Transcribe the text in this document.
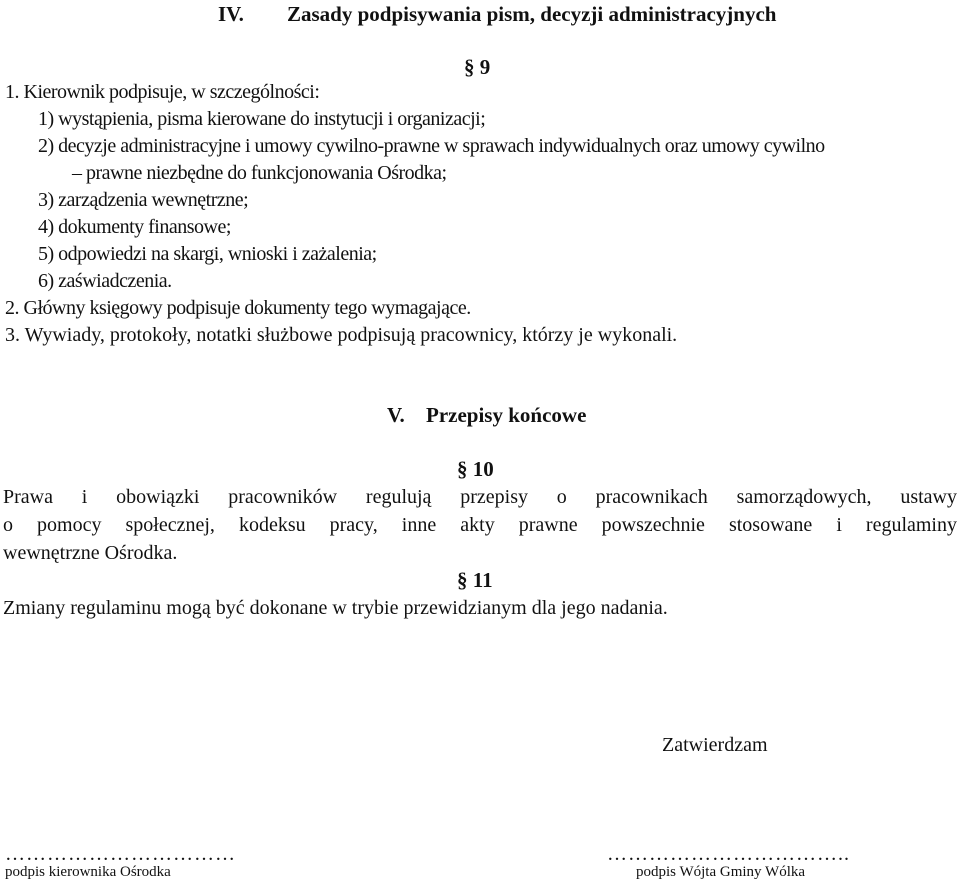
IV. Zasady podpisywania pism, decyzji administracyjnych
§ 9
1. Kierownik podpisuje, w szczególności:
1) wystąpienia, pisma kierowane do instytucji i organizacji;
2) decyzje administracyjne i umowy cywilno-prawne w sprawach indywidualnych oraz umowy cywilno
– prawne niezbędne do funkcjonowania Ośrodka;
3) zarządzenia wewnętrzne;
4) dokumenty finansowe;
5) odpowiedzi na skargi, wnioski i zażalenia;
6) zaświadczenia.
2. Główny księgowy podpisuje dokumenty tego wymagające.
3. Wywiady, protokoły, notatki służbowe podpisują pracownicy, którzy je wykonali.
V. Przepisy końcowe
§ 10
Prawa i obowiązki pracowników regulują przepisy o pracownikach samorządowych, ustawy
o pomocy społecznej, kodeksu pracy, inne akty prawne powszechnie stosowane i regulaminy
wewnętrzne Ośrodka.
§ 11
Zmiany regulaminu mogą być dokonane w trybie przewidzianym dla jego nadania.
Zatwierdzam
……………………………
podpis kierownika Ośrodka
……………………………..
podpis Wójta Gminy Wólka
